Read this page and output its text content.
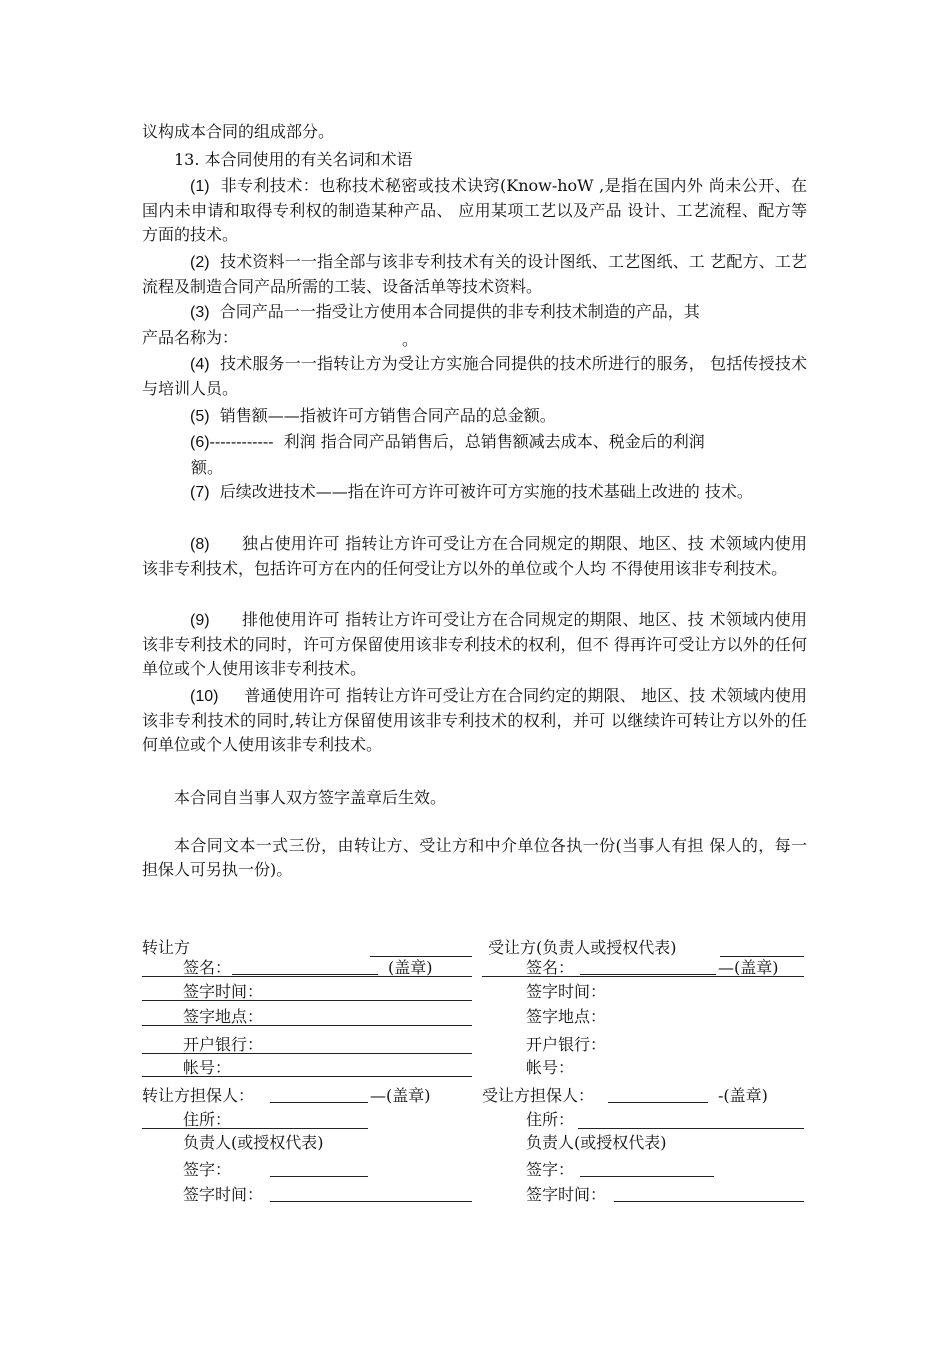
议构成本合同的组成部分。

13. 本合同使用的有关名词和术语

(1) 非专利技术：也称技术秘密或技术诀窍(Know-hoW ,是指在国内外 尚未公开、在国内未申请和取得专利权的制造某种产品、 应用某项工艺以及产品 设计、工艺流程、配方等方面的技术。

(2) 技术资料一一指全部与该非专利技术有关的设计图纸、工艺图纸、工 艺配方、工艺流程及制造合同产品所需的工装、设备活单等技术资料。

(3) 合同产品一一指受让方使用本合同提供的非专利技术制造的产品，其

产品名称为：	。

(4) 技术服务一一指转让方为受让方实施合同提供的技术所进行的服务， 包括传授技术与培训人员。

(5) 销售额——指被许可方销售合同产品的总金额。

(6)------------ 利润 指合同产品销售后，总销售额减去成本、税金后的利润

额。

(7) 后续改进技术——指在许可方许可被许可方实施的技术基础上改进的 技术。

(8) 独占使用许可 指转让方许可受让方在合同规定的期限、地区、技 术领域内使用该非专利技术，包括许可方在内的任何受让方以外的单位或个人均 不得使用该非专利技术。

(9) 排他使用许可 指转让方许可受让方在合同规定的期限、地区、技 术领域内使用该非专利技术的同时，许可方保留使用该非专利技术的权利，但不 得再许可受让方以外的任何单位或个人使用该非专利技术。

(10) 普通使用许可 指转让方许可受让方在合同约定的期限、 地区、技 术领域内使用该非专利技术的同时,转让方保留使用该非专利技术的权利，并可 以继续许可转让方以外的任何单位或个人使用该非专利技术。

本合同自当事人双方签字盖章后生效。

本合同文本一式三份，由转让方、受让方和中介单位各执一份(当事人有担 保人的，每一担保人可另执一份)。

转让方
签名：	(盖章)
签字时间：
签字地点：
开户银行：
帐号：
转让方担保人：	—(盖章)
住所：
负责人(或授权代表)
签字：
签字时间：
受让方(负责人或授权代表)
签名：	—(盖章)
签字时间：
签字地点：
开户银行：
帐号：
受让方担保人：	-(盖章)
住所：
负责人(或授权代表)
签字：
签字时间：
